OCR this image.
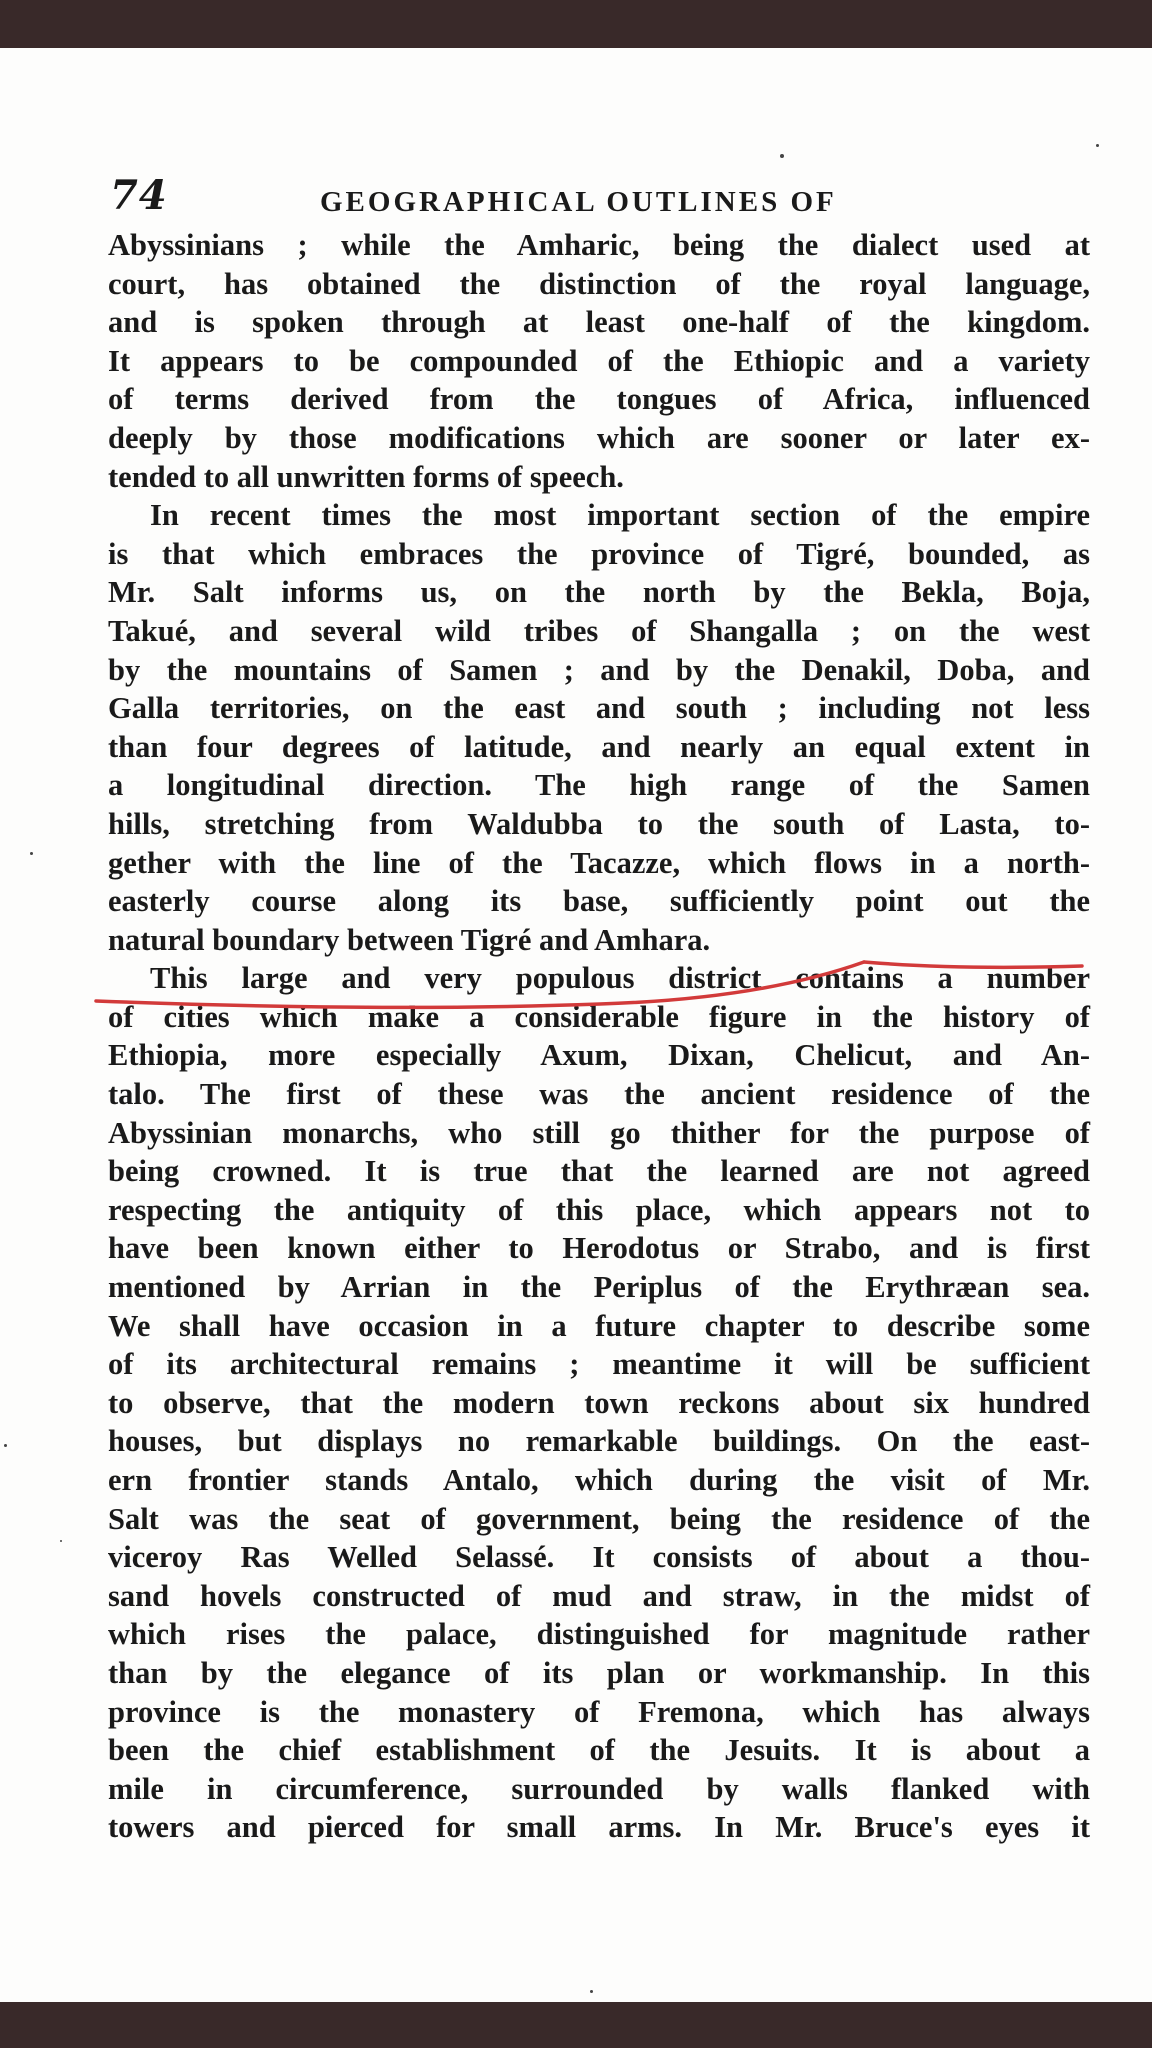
74	GEOGRAPHICAL OUTLINES OF
Abyssinians ; while the Amharic, being the dialect used at
court, has obtained the distinction of the royal language,
and is spoken through at least one-half of the kingdom.
It appears to be compounded of the Ethiopic and a variety
of terms derived from the tongues of Africa, influenced
deeply by those modifications which are sooner or later ex-
tended to all unwritten forms of speech.
In recent times the most important section of the empire
is that which embraces the province of Tigré, bounded, as
Mr. Salt informs us, on the north by the Bekla, Boja,
Takué, and several wild tribes of Shangalla ; on the west
by the mountains of Samen ; and by the Denakil, Doba, and
Galla territories, on the east and south ; including not less
than four degrees of latitude, and nearly an equal extent in
a longitudinal direction. The high range of the Samen
hills, stretching from Waldubba to the south of Lasta, to-
gether with the line of the Tacazze, which flows in a north-
easterly course along its base, sufficiently point out the
natural boundary between Tigré and Amhara.
This large and very populous district contains a number
of cities which make a considerable figure in the history of
Ethiopia, more especially Axum, Dixan, Chelicut, and An-
talo. The first of these was the ancient residence of the
Abyssinian monarchs, who still go thither for the purpose of
being crowned. It is true that the learned are not agreed
respecting the antiquity of this place, which appears not to
have been known either to Herodotus or Strabo, and is first
mentioned by Arrian in the Periplus of the Erythræan sea.
We shall have occasion in a future chapter to describe some
of its architectural remains ; meantime it will be sufficient
to observe, that the modern town reckons about six hundred
houses, but displays no remarkable buildings. On the east-
ern frontier stands Antalo, which during the visit of Mr.
Salt was the seat of government, being the residence of the
viceroy Ras Welled Selassé. It consists of about a thou-
sand hovels constructed of mud and straw, in the midst of
which rises the palace, distinguished for magnitude rather
than by the elegance of its plan or workmanship. In this
province is the monastery of Fremona, which has always
been the chief establishment of the Jesuits. It is about a
mile in circumference, surrounded by walls flanked with
towers and pierced for small arms. In Mr. Bruce's eyes it
